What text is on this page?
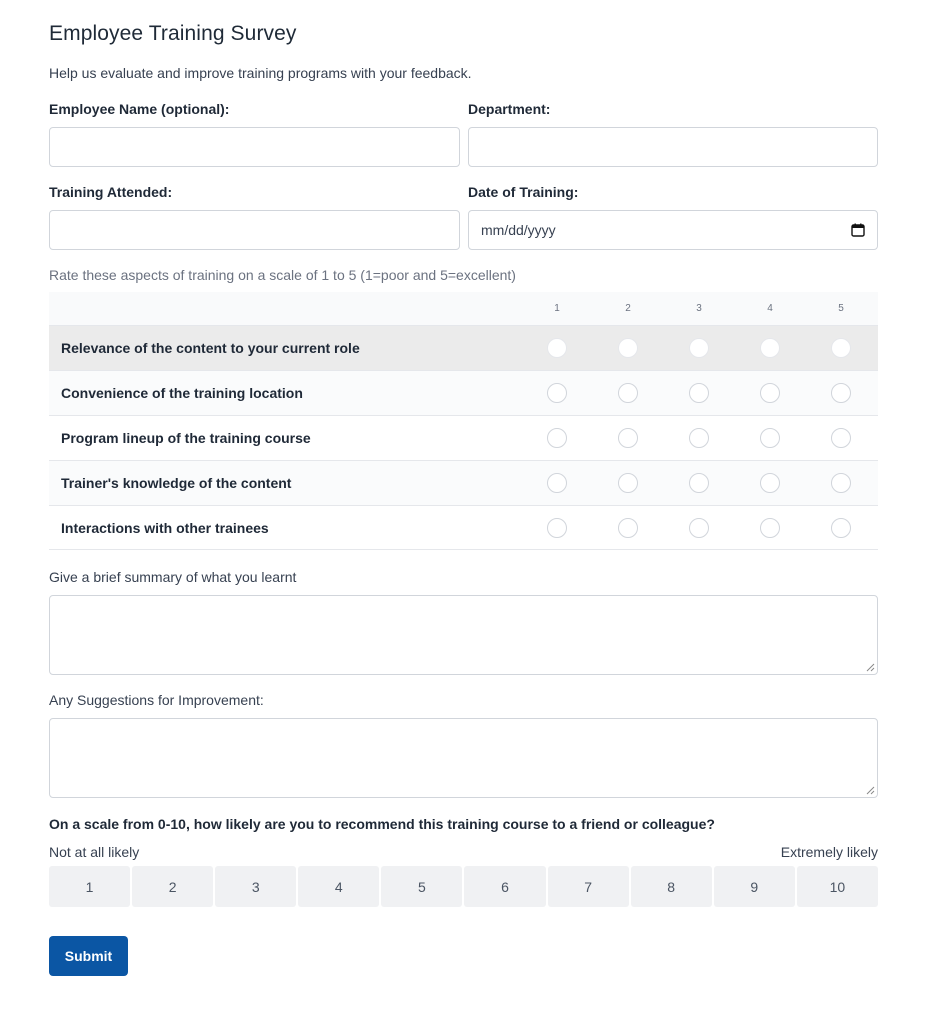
Employee Training Survey

Help us evaluate and improve training programs with your feedback.

Employee Name (optional):	Department:
Training Attended:	Date of Training:
mm/dd/yyyy
Rate these aspects of training on a scale of 1 to 5 (1=poor and 5=excellent)
1	2	3	4	5
Relevance of the content to your current role
Convenience of the training location
Program lineup of the training course
Trainer's knowledge of the content
Interactions with other trainees
Give a brief summary of what you learnt
Any Suggestions for Improvement:
On a scale from 0-10, how likely are you to recommend this training course to a friend or colleague?
Not at all likely	Extremely likely
1	2	3	4	5	6	7	8	9	10
Submit
